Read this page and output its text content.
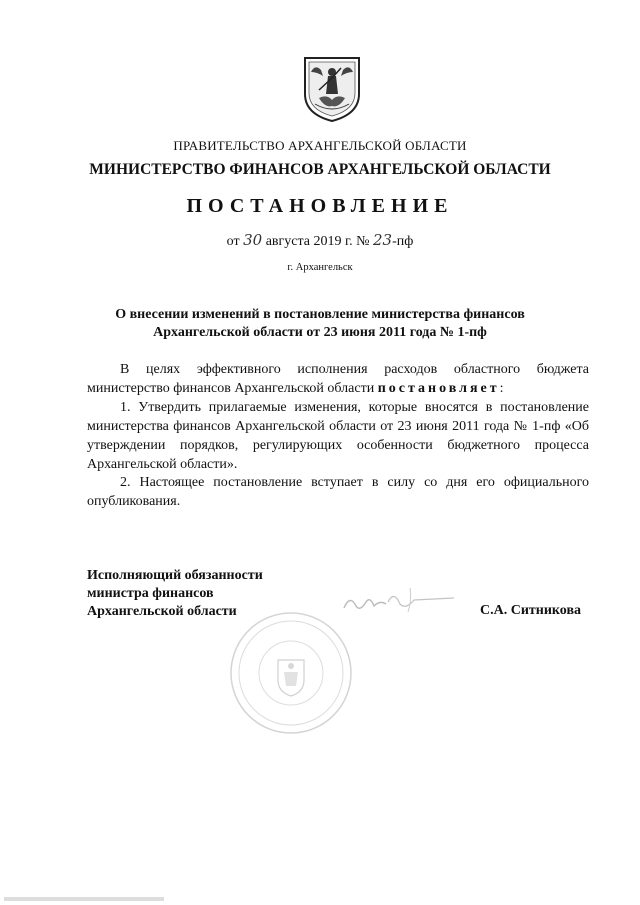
ПРАВИТЕЛЬСТВО АРХАНГЕЛЬСКОЙ ОБЛАСТИ
МИНИСТЕРСТВО ФИНАНСОВ АРХАНГЕЛЬСКОЙ ОБЛАСТИ
ПОСТАНОВЛЕНИЕ
от 30 августа 2019 г. № 23-пф
г. Архангельск
О внесении изменений в постановление министерства финансов
Архангельской области от 23 июня 2011 года № 1-пф
В целях эффективного исполнения расходов областного бюджета министерство финансов Архангельской области постановляет:
1. Утвердить прилагаемые изменения, которые вносятся в постановление министерства финансов Архангельской области от 23 июня 2011 года № 1-пф «Об утверждении порядков, регулирующих особенности бюджетного процесса Архангельской области».
2. Настоящее постановление вступает в силу со дня его официального опубликования.
Исполняющий обязанности
министра финансов
Архангельской области	С.А. Ситникова
